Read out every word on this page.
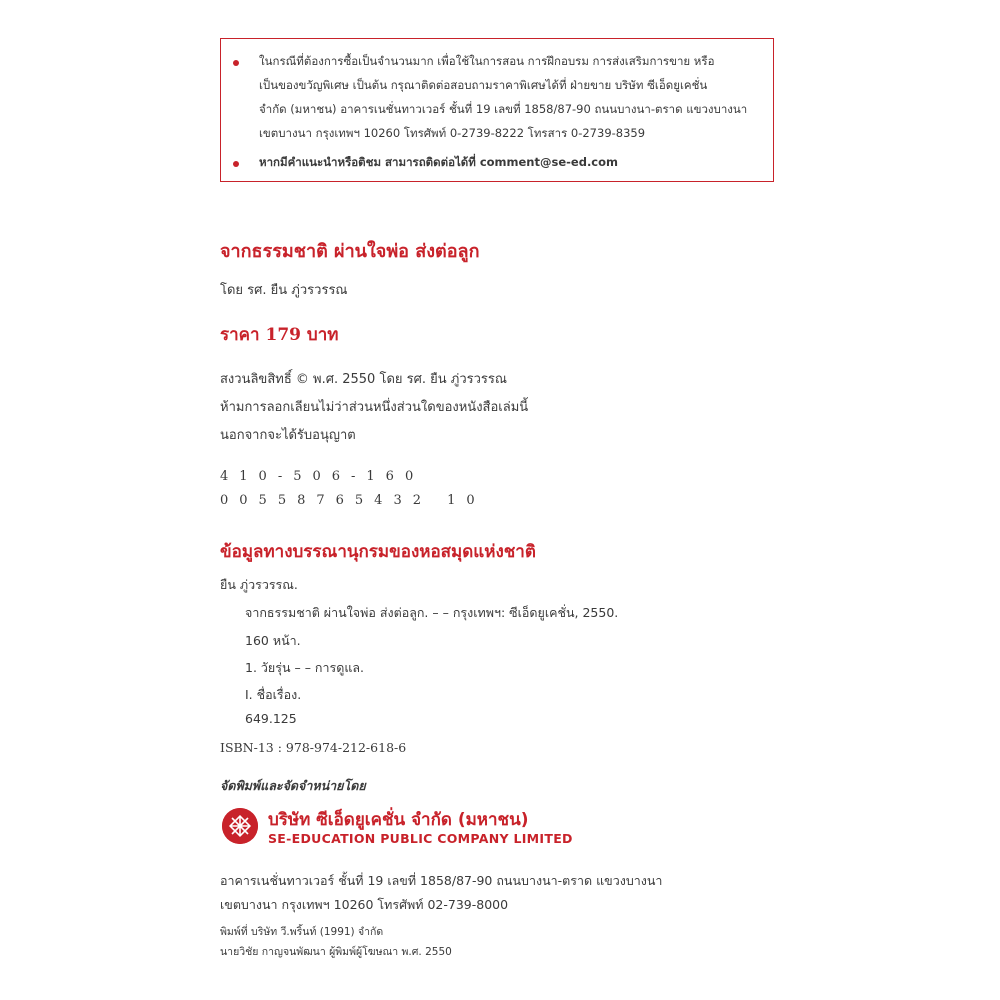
ในกรณีที่ต้องการซื้อเป็นจำนวนมาก เพื่อใช้ในการสอน การฝึกอบรม การส่งเสริมการขาย หรือ
เป็นของขวัญพิเศษ เป็นต้น กรุณาติดต่อสอบถามราคาพิเศษได้ที่ ฝ่ายขาย บริษัท ซีเอ็ดยูเคชั่น
จำกัด (มหาชน) อาคารเนชั่นทาวเวอร์ ชั้นที่ 19 เลขที่ 1858/87-90 ถนนบางนา-ตราด แขวงบางนา
เขตบางนา กรุงเทพฯ 10260 โทรศัพท์ 0-2739-8222 โทรสาร 0-2739-8359
หากมีคำแนะนำหรือติชม สามารถติดต่อได้ที่ comment@se-ed.com
จากธรรมชาติ ผ่านใจพ่อ ส่งต่อลูก
โดย รศ. ยืน ภู่วรวรรณ
ราคา 179 บาท
สงวนลิขสิทธิ์ © พ.ศ. 2550 โดย รศ. ยืน ภู่วรวรรณ
ห้ามการลอกเลียนไม่ว่าส่วนหนึ่งส่วนใดของหนังสือเล่มนี้
นอกจากจะได้รับอนุญาต
410-506-160
00558765432 10
ข้อมูลทางบรรณานุกรมของหอสมุดแห่งชาติ
ยืน ภู่วรวรรณ.
จากธรรมชาติ ผ่านใจพ่อ ส่งต่อลูก. – – กรุงเทพฯ: ซีเอ็ดยูเคชั่น, 2550.
160 หน้า.
1. วัยรุ่น – – การดูแล.
I. ชื่อเรื่อง.
649.125
ISBN-13 : 978-974-212-618-6
จัดพิมพ์และจัดจำหน่ายโดย
บริษัท ซีเอ็ดยูเคชั่น จำกัด (มหาชน)
SE-EDUCATION PUBLIC COMPANY LIMITED
อาคารเนชั่นทาวเวอร์ ชั้นที่ 19 เลขที่ 1858/87-90 ถนนบางนา-ตราด แขวงบางนา
เขตบางนา กรุงเทพฯ 10260 โทรศัพท์ 02-739-8000
พิมพ์ที่ บริษัท วี.พริ้นท์ (1991) จำกัด
นายวิชัย กาญจนพัฒนา ผู้พิมพ์ผู้โฆษณา พ.ศ. 2550
